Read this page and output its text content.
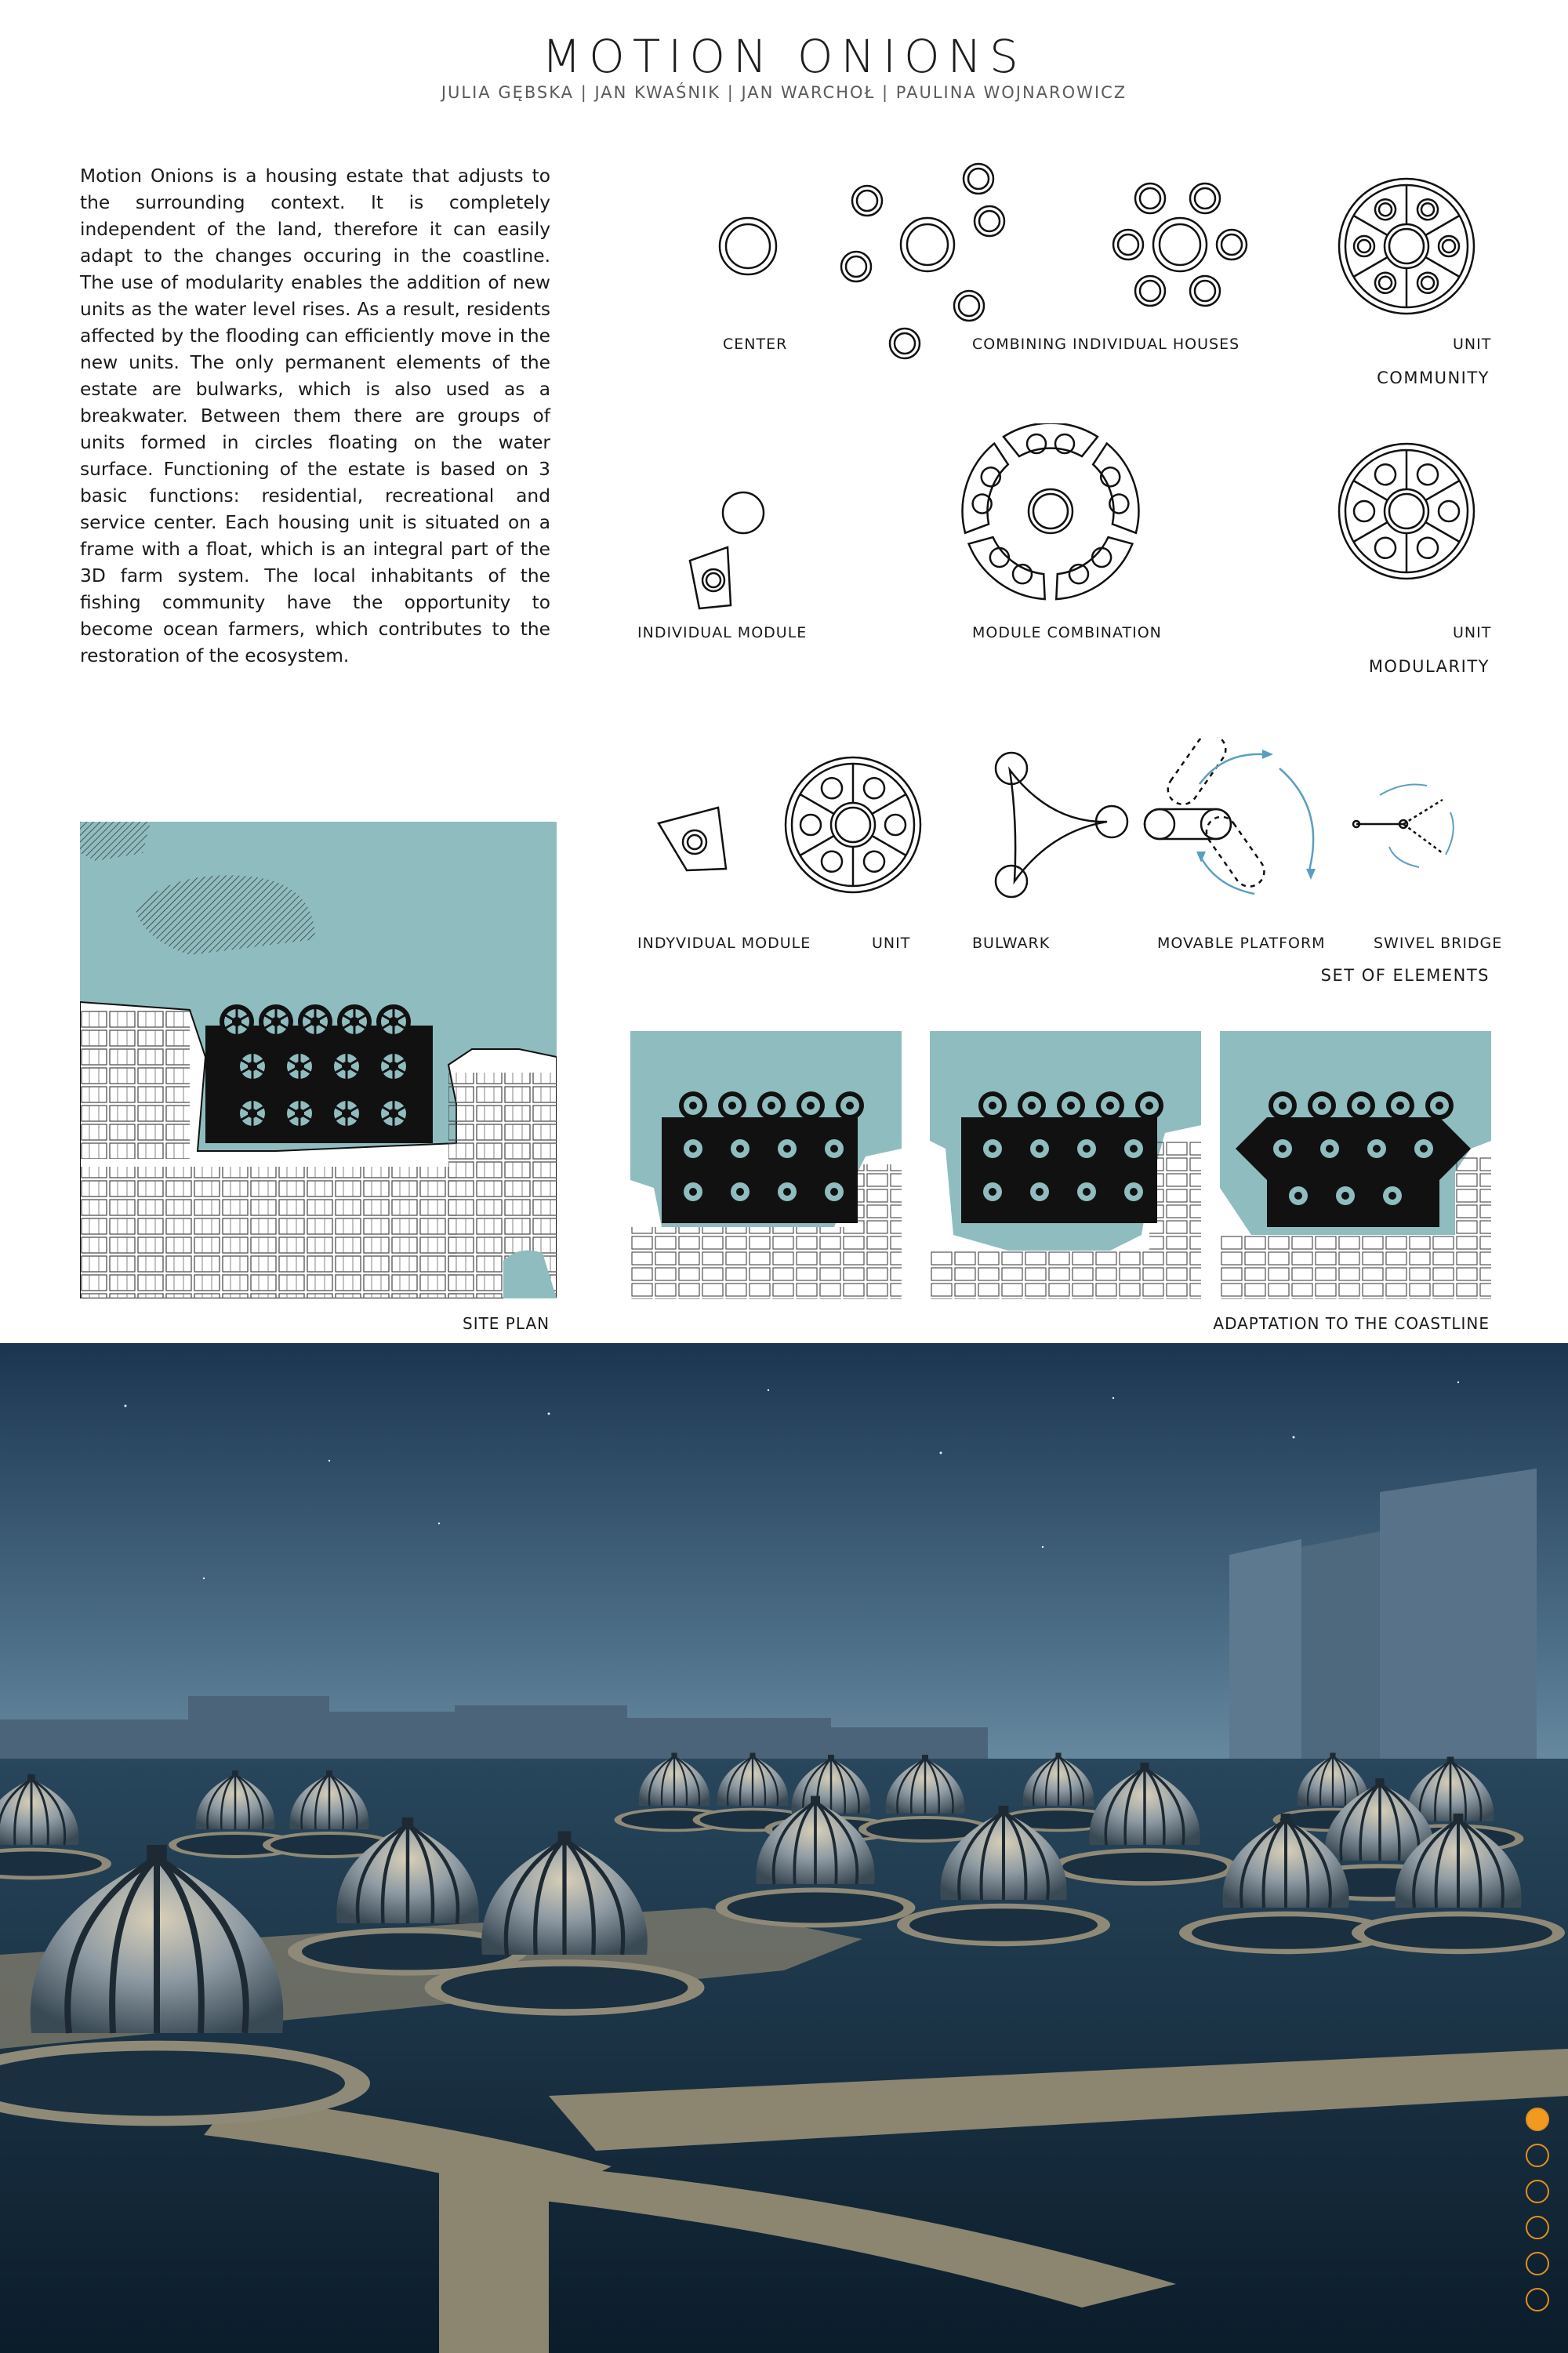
MOTION ONIONS
JULIA GĘBSKA | JAN KWAŚNIK | JAN WARCHOŁ | PAULINA WOJNAROWICZ
Motion Onions is a housing estate that adjusts to the surrounding context. It is completely independent of the land, therefore it can easily adapt to the changes occuring in the coastline. The use of modularity enables the addition of new units as the water level rises. As a result, residents affected by the flooding can efficiently move in the new units. The only permanent elements of the estate are bulwarks, which is also used as a breakwater. Between them there are groups of units formed in circles floating on the water surface. Functioning of the estate is based on 3 basic functions: residential, recreational and service center. Each housing unit is situated on a frame with a float, which is an integral part of the 3D farm system. The local inhabitants of the fishing community have the opportunity to become ocean farmers, which contributes to the restoration of the ecosystem.
CENTER	COMBINING INDIVIDUAL HOUSES	UNIT
COMMUNITY
INDIVIDUAL MODULE	MODULE COMBINATION	UNIT
MODULARITY
INDYVIDUAL MODULE	UNIT	BULWARK	MOVABLE PLATFORM	SWIVEL BRIDGE
SET OF ELEMENTS
SITE PLAN	ADAPTATION TO THE COASTLINE
